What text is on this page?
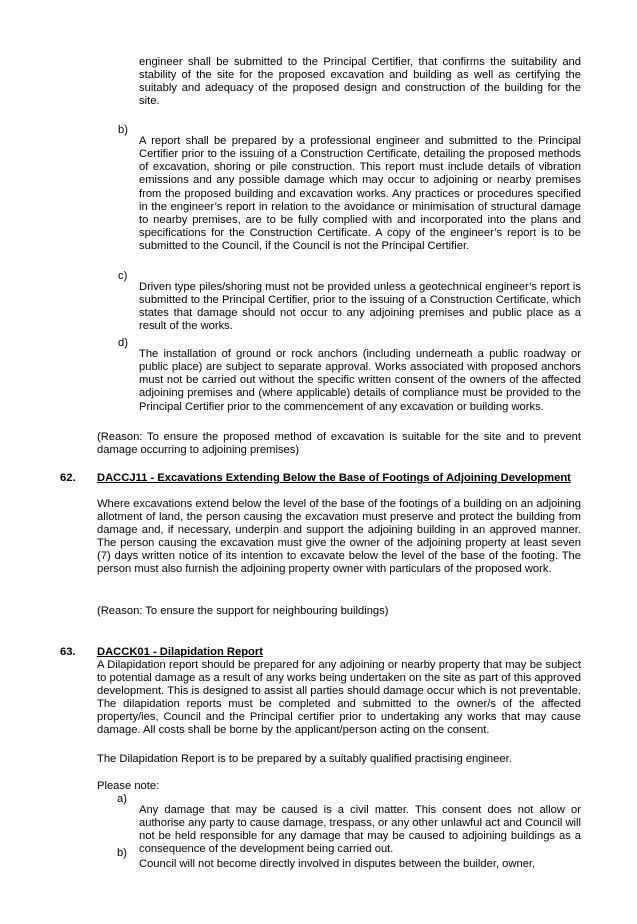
engineer shall be submitted to the Principal Certifier, that confirms the suitability and stability of the site for the proposed excavation and building as well as certifying the suitably and adequacy of the proposed design and construction of the building for the site.

b)

A report shall be prepared by a professional engineer and submitted to the Principal Certifier prior to the issuing of a Construction Certificate, detailing the proposed methods of excavation, shoring or pile construction. This report must include details of vibration emissions and any possible damage which may occur to adjoining or nearby premises from the proposed building and excavation works. Any practices or procedures specified in the engineer’s report in relation to the avoidance or minimisation of structural damage to nearby premises, are to be fully complied with and incorporated into the plans and specifications for the Construction Certificate. A copy of the engineer’s report is to be submitted to the Council, if the Council is not the Principal Certifier.

c)

Driven type piles/shoring must not be provided unless a geotechnical engineer’s report is submitted to the Principal Certifier, prior to the issuing of a Construction Certificate, which states that damage should not occur to any adjoining premises and public place as a result of the works.

d)

The installation of ground or rock anchors (including underneath a public roadway or public place) are subject to separate approval. Works associated with proposed anchors must not be carried out without the specific written consent of the owners of the affected adjoining premises and (where applicable) details of compliance must be provided to the Principal Certifier prior to the commencement of any excavation or building works.

(Reason: To ensure the proposed method of excavation is suitable for the site and to prevent damage occurring to adjoining premises)

62. DACCJ11 - Excavations Extending Below the Base of Footings of Adjoining Development

Where excavations extend below the level of the base of the footings of a building on an adjoining allotment of land, the person causing the excavation must preserve and protect the building from damage and, if necessary, underpin and support the adjoining building in an approved manner. The person causing the excavation must give the owner of the adjoining property at least seven (7) days written notice of its intention to excavate below the level of the base of the footing. The person must also furnish the adjoining property owner with particulars of the proposed work.

(Reason: To ensure the support for neighbouring buildings)

63. DACCK01 - Dilapidation Report

A Dilapidation report should be prepared for any adjoining or nearby property that may be subject to potential damage as a result of any works being undertaken on the site as part of this approved development. This is designed to assist all parties should damage occur which is not preventable. The dilapidation reports must be completed and submitted to the owner/s of the affected property/ies, Council and the Principal certifier prior to undertaking any works that may cause damage. All costs shall be borne by the applicant/person acting on the consent.

The Dilapidation Report is to be prepared by a suitably qualified practising engineer.

Please note:

a)

Any damage that may be caused is a civil matter. This consent does not allow or authorise any party to cause damage, trespass, or any other unlawful act and Council will not be held responsible for any damage that may be caused to adjoining buildings as a consequence of the development being carried out.

b)

Council will not become directly involved in disputes between the builder, owner,
